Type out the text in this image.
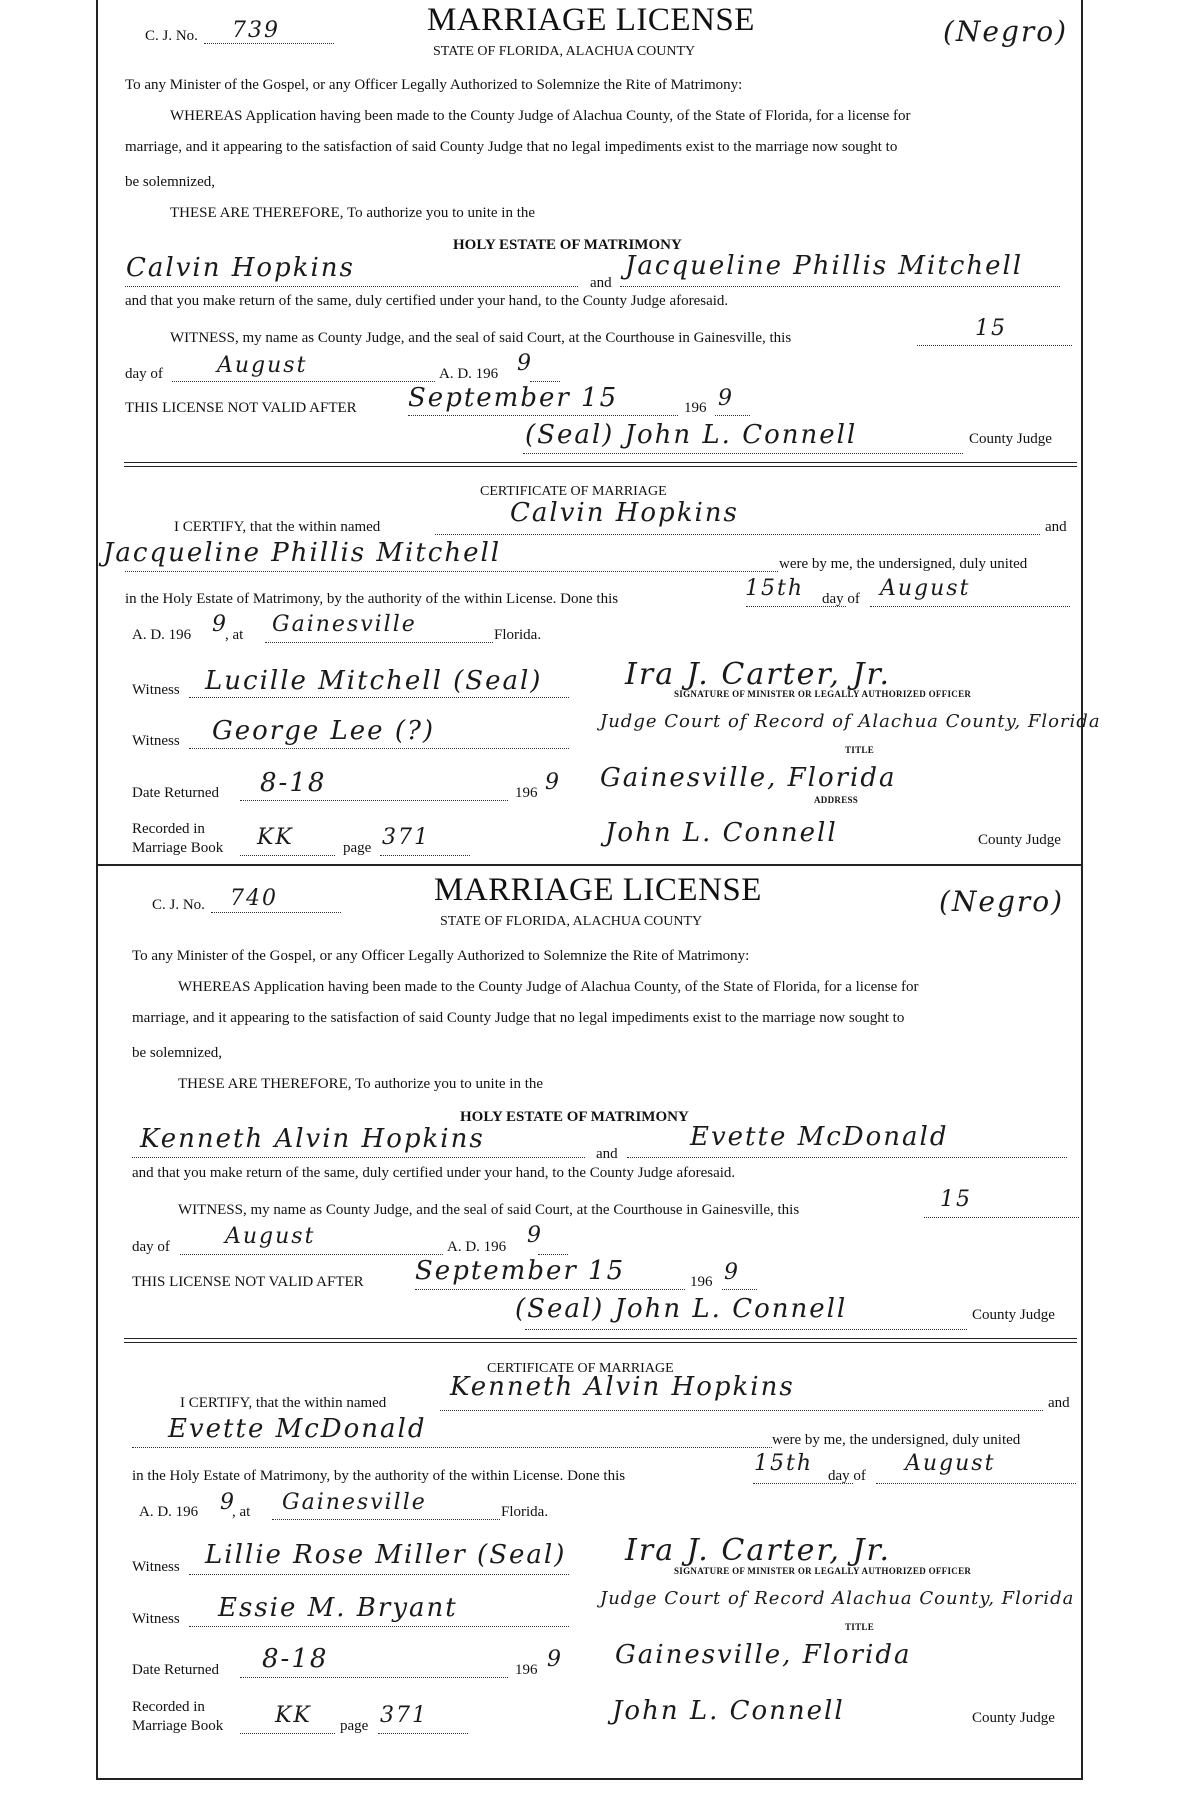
C. J. No. 739	MARRIAGE LICENSE
STATE OF FLORIDA, ALACHUA COUNTY
(Negro)
To any Minister of the Gospel, or any Officer Legally Authorized to Solemnize the Rite of Matrimony:
WHEREAS Application having been made to the County Judge of Alachua County, of the State of Florida, for a license for
marriage, and it appearing to the satisfaction of said County Judge that no legal impediments exist to the marriage now sought to
be solemnized,
THESE ARE THEREFORE, To authorize you to unite in the
HOLY ESTATE OF MATRIMONY
Calvin Hopkins	and
Jacqueline Phillis Mitchell
and that you make return of the same, duly certified under your hand, to the County Judge aforesaid.
WITNESS, my name as County Judge, and the seal of said Court, at the Courthouse in Gainesville, this	15
day of August	A. D. 196 9
THIS LICENSE NOT VALID AFTER September 15	196 9
(Seal) John L. Connell	County Judge
CERTIFICATE OF MARRIAGE
I CERTIFY, that the within named	Calvin Hopkins	and
Jacqueline Phillis Mitchell	were by me, the undersigned, duly united
in the Holy Estate of Matrimony, by the authority of the within License. Done this	15th day of August
A. D. 196 9
, at Gainesville	Florida.
Witness Lucille Mitchell (Seal)	Ira J. Carter, Jr.
SIGNATURE OF MINISTER OR LEGALLY AUTHORIZED OFFICER
Witness George Lee (?)	Judge Court of Record of Alachua County, Florida
TITLE
Date Returned 8-18	196 9 Gainesville, Florida
ADDRESS
Recorded in
Marriage Book KK	page 371	John L. Connell	County Judge
C. J. No. 740	MARRIAGE LICENSE
STATE OF FLORIDA, ALACHUA COUNTY
(Negro)
To any Minister of the Gospel, or any Officer Legally Authorized to Solemnize the Rite of Matrimony:
WHEREAS Application having been made to the County Judge of Alachua County, of the State of Florida, for a license for
marriage, and it appearing to the satisfaction of said County Judge that no legal impediments exist to the marriage now sought to
be solemnized,
THESE ARE THEREFORE, To authorize you to unite in the
HOLY ESTATE OF MATRIMONY
Kenneth Alvin Hopkins	and
Evette McDonald
and that you make return of the same, duly certified under your hand, to the County Judge aforesaid.
WITNESS, my name as County Judge, and the seal of said Court, at the Courthouse in Gainesville, this	15
day of	August	A. D. 196 9
THIS LICENSE NOT VALID AFTER September 15	196 9
(Seal) John L. Connell	County Judge
CERTIFICATE OF MARRIAGE
I CERTIFY, that the within named
Kenneth Alvin Hopkins
and
Evette McDonald	were by me, the undersigned, duly united
in the Holy Estate of Matrimony, by the authority of the within License. Done this	15th day of August
A. D. 196 9
, at Gainesville	Florida.
Witness Lillie Rose Miller (Seal) Ira J. Carter, Jr.
SIGNATURE OF MINISTER OR LEGALLY AUTHORIZED OFFICER
Witness Essie M. Bryant	Judge Court of Record Alachua County, Florida
TITLE
Date Returned 8-18	196 9 Gainesville, Florida
Recorded in
Marriage Book KK page 371	John L. Connell	County Judge
